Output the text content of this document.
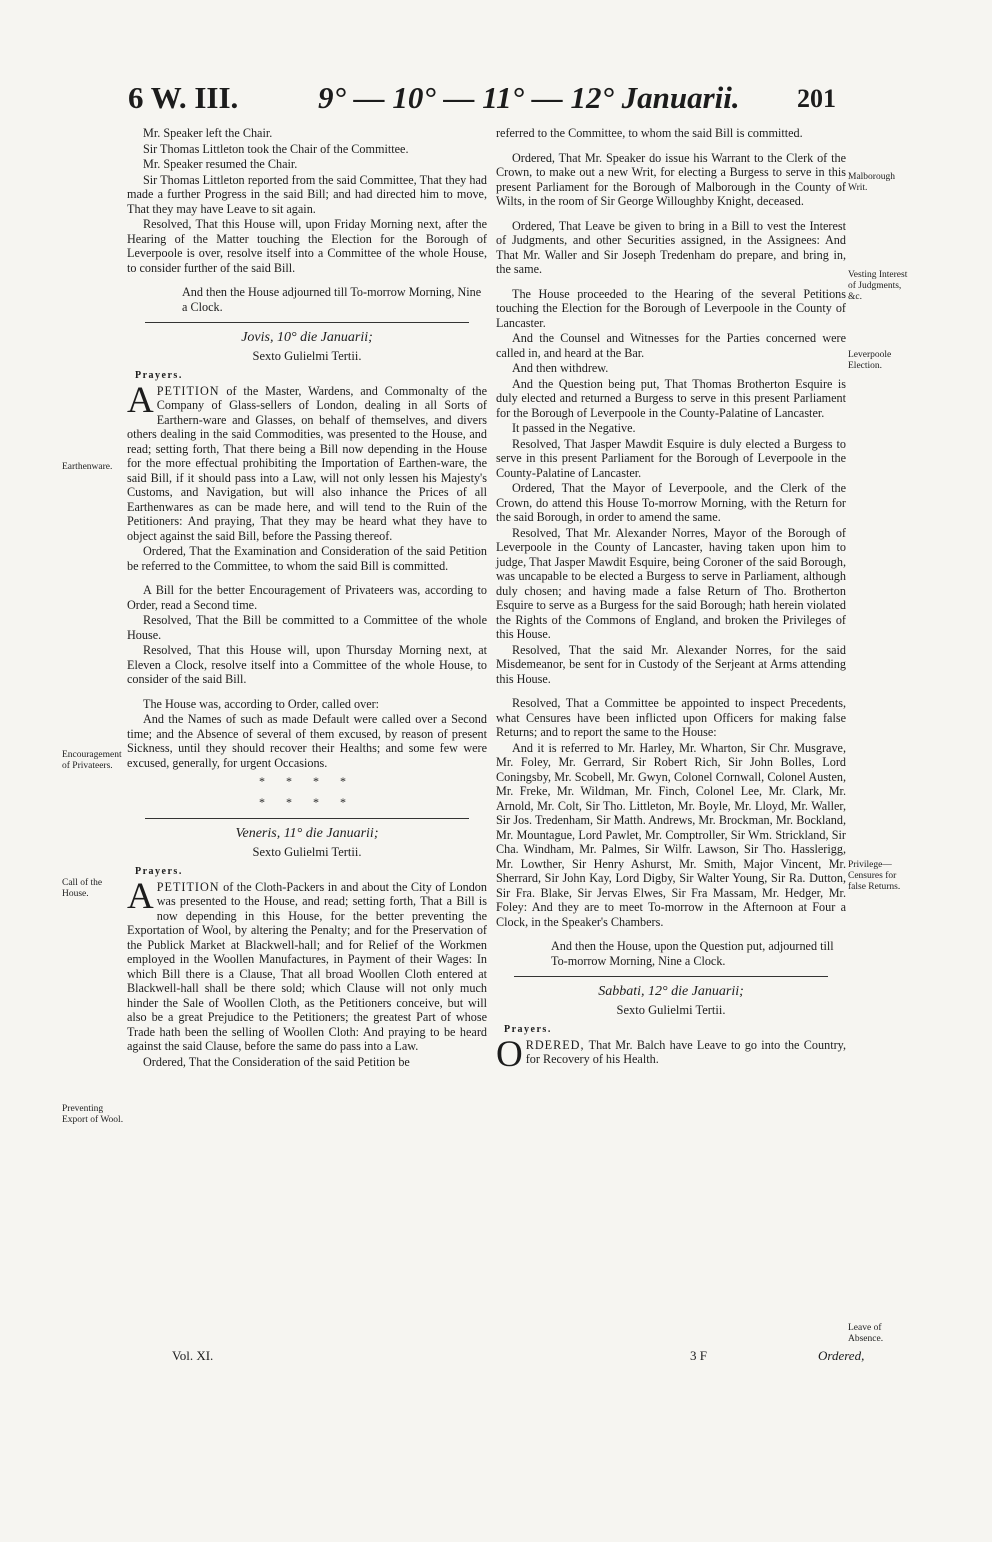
6 W. III.	9° — 10° — 11° — 12° Januarii. 201

Mr. Speaker left the Chair.

Sir Thomas Littleton took the Chair of the Committee.

Mr. Speaker resumed the Chair.

Sir Thomas Littleton reported from the said Committee, That they had made a further Progress in the said Bill; and had directed him to move, That they may have Leave to sit again.

Resolved, That this House will, upon Friday Morning next, after the Hearing of the Matter touching the Election for the Borough of Leverpoole is over, resolve itself into a Committee of the whole House, to consider further of the said Bill.

And then the House adjourned till To-morrow Morning, Nine a Clock.

Jovis, 10° die Januarii;

Sexto Gulielmi Tertii.

Prayers.

APETITION of the Master, Wardens, and Commonalty of the Company of Glass-sellers of London, dealing in all Sorts of Earthern-ware and Glasses, on behalf of themselves, and divers others dealing in the said Commodities, was presented to the House, and read; setting forth, That there being a Bill now depending in the House for the more effectual prohibiting the Importation of Earthen-ware, the said Bill, if it should pass into a Law, will not only lessen his Majesty's Customs, and Navigation, but will also inhance the Prices of all Earthenwares as can be made here, and will tend to the Ruin of the Petitioners: And praying, That they may be heard what they have to object against the said Bill, before the Passing thereof.

Ordered, That the Examination and Consideration of the said Petition be referred to the Committee, to whom the said Bill is committed.

A Bill for the better Encouragement of Privateers was, according to Order, read a Second time.

Resolved, That the Bill be committed to a Committee of the whole House.

Resolved, That this House will, upon Thursday Morning next, at Eleven a Clock, resolve itself into a Committee of the whole House, to consider of the said Bill.

The House was, according to Order, called over:

And the Names of such as made Default were called over a Second time; and the Absence of several of them excused, by reason of present Sickness, until they should recover their Healths; and some few were excused, generally, for urgent Occasions.

* * * *

* * * *

Veneris, 11° die Januarii;

Sexto Gulielmi Tertii.

Prayers.

APETITION of the Cloth-Packers in and about the City of London was presented to the House, and read; setting forth, That a Bill is now depending in this House, for the better preventing the Exportation of Wool, by altering the Penalty; and for the Preservation of the Publick Market at Blackwell-hall; and for Relief of the Workmen employed in the Woollen Manufactures, in Payment of their Wages: In which Bill there is a Clause, That all broad Woollen Cloth entered at Blackwell-hall shall be there sold; which Clause will not only much hinder the Sale of Woollen Cloth, as the Petitioners conceive, but will also be a great Prejudice to the Petitioners; the greatest Part of whose Trade hath been the selling of Woollen Cloth: And praying to be heard against the said Clause, before the same do pass into a Law.

Ordered, That the Consideration of the said Petition be

referred to the Committee, to whom the said Bill is committed.

Ordered, That Mr. Speaker do issue his Warrant to the Clerk of the Crown, to make out a new Writ, for electing a Burgess to serve in this present Parliament for the Borough of Malborough in the County of Wilts, in the room of Sir George Willoughby Knight, deceased.

Ordered, That Leave be given to bring in a Bill to vest the Interest of Judgments, and other Securities assigned, in the Assignees: And That Mr. Waller and Sir Joseph Tredenham do prepare, and bring in, the same.

The House proceeded to the Hearing of the several Petitions touching the Election for the Borough of Leverpoole in the County of Lancaster.

And the Counsel and Witnesses for the Parties concerned were called in, and heard at the Bar.

And then withdrew.

And the Question being put, That Thomas Brotherton Esquire is duly elected and returned a Burgess to serve in this present Parliament for the Borough of Leverpoole in the County-Palatine of Lancaster.

It passed in the Negative.

Resolved, That Jasper Mawdit Esquire is duly elected a Burgess to serve in this present Parliament for the Borough of Leverpoole in the County-Palatine of Lancaster.

Ordered, That the Mayor of Leverpoole, and the Clerk of the Crown, do attend this House To-morrow Morning, with the Return for the said Borough, in order to amend the same.

Resolved, That Mr. Alexander Norres, Mayor of the Borough of Leverpoole in the County of Lancaster, having taken upon him to judge, That Jasper Mawdit Esquire, being Coroner of the said Borough, was uncapable to be elected a Burgess to serve in Parliament, although duly chosen; and having made a false Return of Tho. Brotherton Esquire to serve as a Burgess for the said Borough; hath herein violated the Rights of the Commons of England, and broken the Privileges of this House.

Resolved, That the said Mr. Alexander Norres, for the said Misdemeanor, be sent for in Custody of the Serjeant at Arms attending this House.

Resolved, That a Committee be appointed to inspect Precedents, what Censures have been inflicted upon Officers for making false Returns; and to report the same to the House:

And it is referred to Mr. Harley, Mr. Wharton, Sir Chr. Musgrave, Mr. Foley, Mr. Gerrard, Sir Robert Rich, Sir John Bolles, Lord Coningsby, Mr. Scobell, Mr. Gwyn, Colonel Cornwall, Colonel Austen, Mr. Freke, Mr. Wildman, Mr. Finch, Colonel Lee, Mr. Clark, Mr. Arnold, Mr. Colt, Sir Tho. Littleton, Mr. Boyle, Mr. Lloyd, Mr. Waller, Sir Jos. Tredenham, Sir Matth. Andrews, Mr. Brockman, Mr. Bockland, Mr. Mountague, Lord Pawlet, Mr. Comptroller, Sir Wm. Strickland, Sir Cha. Windham, Mr. Palmes, Sir Wilfr. Lawson, Sir Tho. Hasslerigg, Mr. Lowther, Sir Henry Ashurst, Mr. Smith, Major Vincent, Mr. Sherrard, Sir John Kay, Lord Digby, Sir Walter Young, Sir Ra. Dutton, Sir Fra. Blake, Sir Jervas Elwes, Sir Fra Massam, Mr. Hedger, Mr. Foley: And they are to meet To-morrow in the Afternoon at Four a Clock, in the Speaker's Chambers.

And then the House, upon the Question put, adjourned till To-morrow Morning, Nine a Clock.

Sabbati, 12° die Januarii;

Sexto Gulielmi Tertii.

Prayers.

ORDERED, That Mr. Balch have Leave to go into the Country, for Recovery of his Health.

Earthenware.
Encouragement of Privateers.
Call of the House.
Preventing Export of Wool.
Malborough Writ.
Vesting Interest of Judgments, &c.
Leverpoole Election.
Privilege—Censures for false Returns.
Leave of Absence.
Vol. XI.	3 F	Ordered,
